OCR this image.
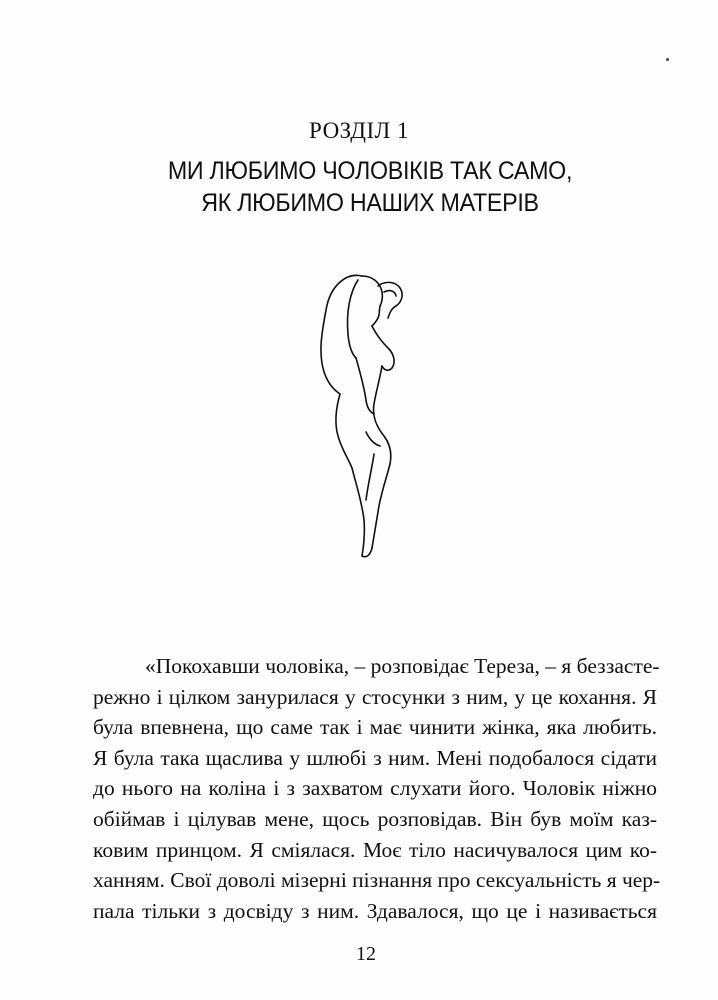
РОЗДІЛ 1
МИ ЛЮБИМО ЧОЛОВІКІВ ТАК САМО,
ЯК ЛЮБИМО НАШИХ МАТЕРІВ
«Покохавши чоловіка, – розповідає Тереза, – я беззасте-
режно і цілком занурилася у стосунки з ним, у це кохання. Я
була впевнена, що саме так і має чинити жінка, яка любить.
Я була така щаслива у шлюбі з ним. Мені подобалося сідати
до нього на коліна і з захватом слухати його. Чоловік ніжно
обіймав і цілував мене, щось розповідав. Він був моїм каз-
ковим принцом. Я сміялася. Моє тіло насичувалося цим ко-
ханням. Свої доволі мізерні пізнання про сексуальність я чер-
пала тільки з досвіду з ним. Здавалося, що це і називається
12
